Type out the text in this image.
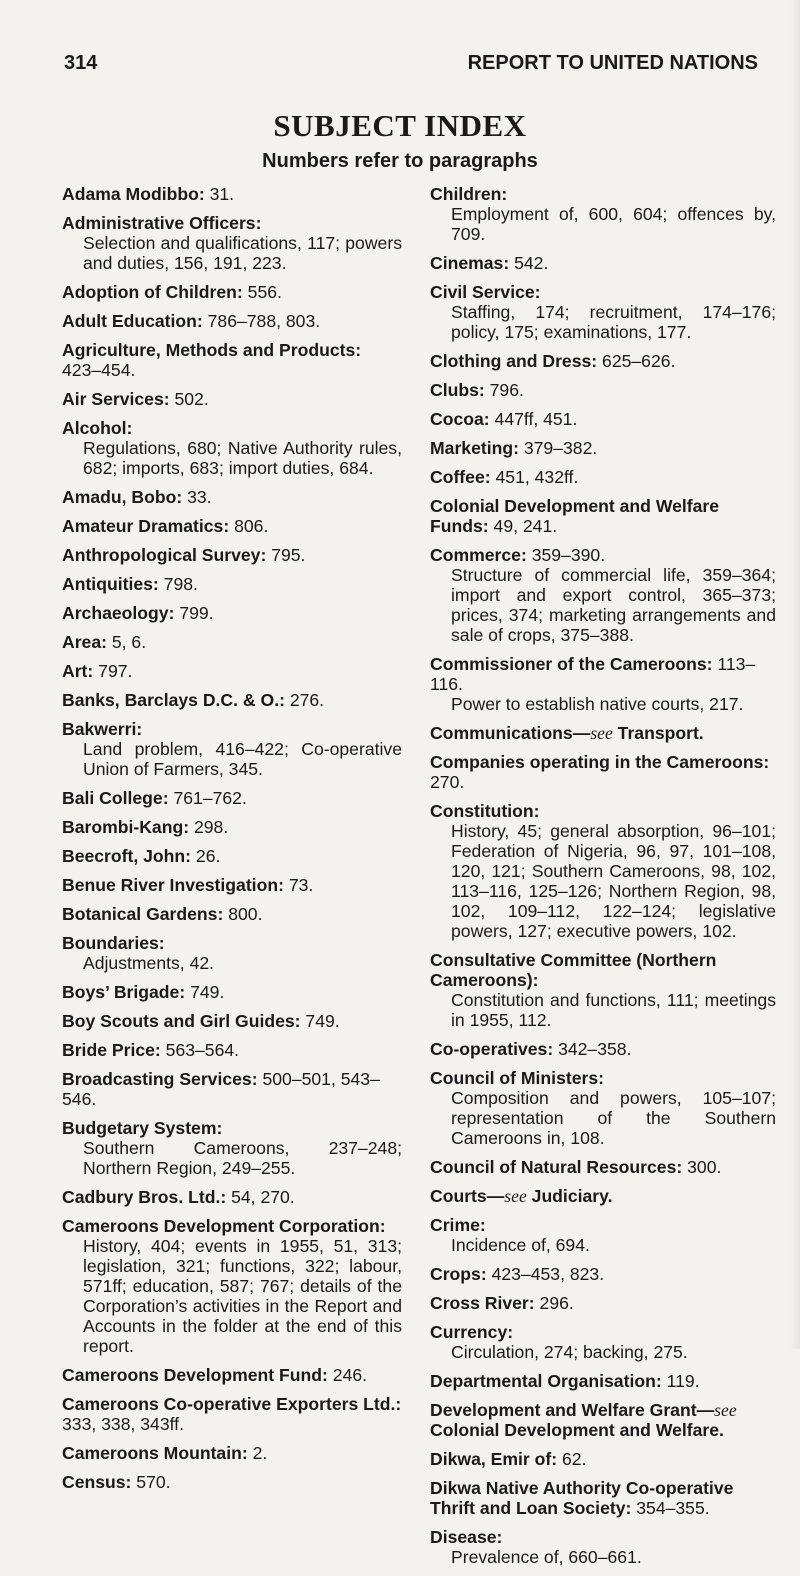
314	REPORT TO UNITED NATIONS
SUBJECT INDEX
Numbers refer to paragraphs
Adama Modibbo: 31.
Administrative Officers:
Selection and qualifications, 117; powers and duties, 156, 191, 223.
Adoption of Children: 556.
Adult Education: 786–788, 803.
Agriculture, Methods and Products: 423–454.
Air Services: 502.
Alcohol:
Regulations, 680; Native Authority rules, 682; imports, 683; import duties, 684.
Amadu, Bobo: 33.
Amateur Dramatics: 806.
Anthropological Survey: 795.
Antiquities: 798.
Archaeology: 799.
Area: 5, 6.
Art: 797.
Banks, Barclays D.C. & O.: 276.
Bakwerri:
Land problem, 416–422; Co-operative Union of Farmers, 345.
Bali College: 761–762.
Barombi-Kang: 298.
Beecroft, John: 26.
Benue River Investigation: 73.
Botanical Gardens: 800.
Boundaries:
Adjustments, 42.
Boys’ Brigade: 749.
Boy Scouts and Girl Guides: 749.
Bride Price: 563–564.
Broadcasting Services: 500–501, 543–546.
Budgetary System:
Southern Cameroons, 237–248; Northern Region, 249–255.
Cadbury Bros. Ltd.: 54, 270.
Cameroons Development Corporation:
History, 404; events in 1955, 51, 313; legislation, 321; functions, 322; labour, 571ff; education, 587; 767; details of the Corporation’s activities in the Report and Accounts in the folder at the end of this report.
Cameroons Development Fund: 246.
Cameroons Co-operative Exporters Ltd.: 333, 338, 343ff.
Cameroons Mountain: 2.
Census: 570.
Children:
Employment of, 600, 604; offences by, 709.
Cinemas: 542.
Civil Service:
Staffing, 174; recruitment, 174–176; policy, 175; examinations, 177.
Clothing and Dress: 625–626.
Clubs: 796.
Cocoa: 447ff, 451.
Marketing: 379–382.
Coffee: 451, 432ff.
Colonial Development and Welfare Funds: 49, 241.
Commerce: 359–390.
Structure of commercial life, 359–364; import and export control, 365–373; prices, 374; marketing arrangements and sale of crops, 375–388.
Commissioner of the Cameroons: 113–116.
Power to establish native courts, 217.
Communications—see Transport.
Companies operating in the Cameroons: 270.
Constitution:
History, 45; general absorption, 96–101; Federation of Nigeria, 96, 97, 101–108, 120, 121; Southern Cameroons, 98, 102, 113–116, 125–126; Northern Region, 98, 102, 109–112, 122–124; legislative powers, 127; executive powers, 102.
Consultative Committee (Northern Cameroons):
Constitution and functions, 111; meetings in 1955, 112.
Co-operatives: 342–358.
Council of Ministers:
Composition and powers, 105–107; representation of the Southern Cameroons in, 108.
Council of Natural Resources: 300.
Courts—see Judiciary.
Crime:
Incidence of, 694.
Crops: 423–453, 823.
Cross River: 296.
Currency:
Circulation, 274; backing, 275.
Departmental Organisation: 119.
Development and Welfare Grant—see Colonial Development and Welfare.
Dikwa, Emir of: 62.
Dikwa Native Authority Co-operative Thrift and Loan Society: 354–355.
Disease:
Prevalence of, 660–661.
